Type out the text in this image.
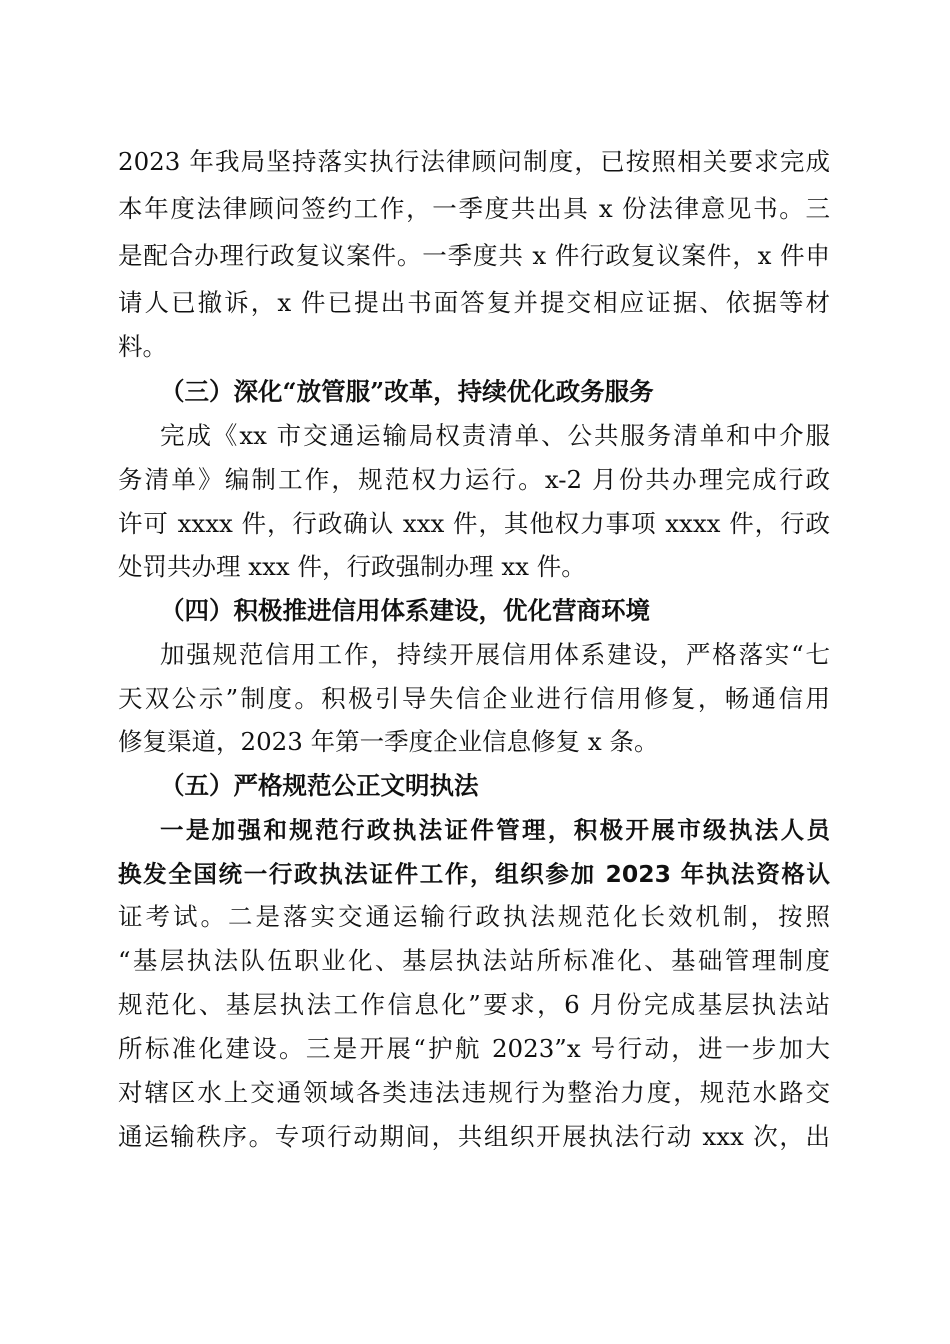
2023 年我局坚持落实执行法律顾问制度，已按照相关要求完成
本年度法律顾问签约工作，一季度共出具 x 份法律意见书。三
是配合办理行政复议案件。一季度共 x 件行政复议案件，x 件申
请人已撤诉，x 件已提出书面答复并提交相应证据、依据等材
料。
（三）深化“放管服”改革，持续优化政务服务
完成《xx 市交通运输局权责清单、公共服务清单和中介服
务清单》编制工作，规范权力运行。x-2 月份共办理完成行政
许可 xxxx 件，行政确认 xxx 件，其他权力事项 xxxx 件，行政
处罚共办理 xxx 件，行政强制办理 xx 件。
（四）积极推进信用体系建设，优化营商环境
加强规范信用工作，持续开展信用体系建设，严格落实“七
天双公示”制度。积极引导失信企业进行信用修复，畅通信用
修复渠道，2023 年第一季度企业信息修复 x 条。
（五）严格规范公正文明执法
一是加强和规范行政执法证件管理，积极开展市级执法人员
换发全国统一行政执法证件工作，组织参加 2023 年执法资格认
证考试。二是落实交通运输行政执法规范化长效机制，按照
“基层执法队伍职业化、基层执法站所标准化、基础管理制度
规范化、基层执法工作信息化”要求，6 月份完成基层执法站
所标准化建设。三是开展“护航 2023”x 号行动，进一步加大
对辖区水上交通领域各类违法违规行为整治力度，规范水路交
通运输秩序。专项行动期间，共组织开展执法行动 xxx 次，出
